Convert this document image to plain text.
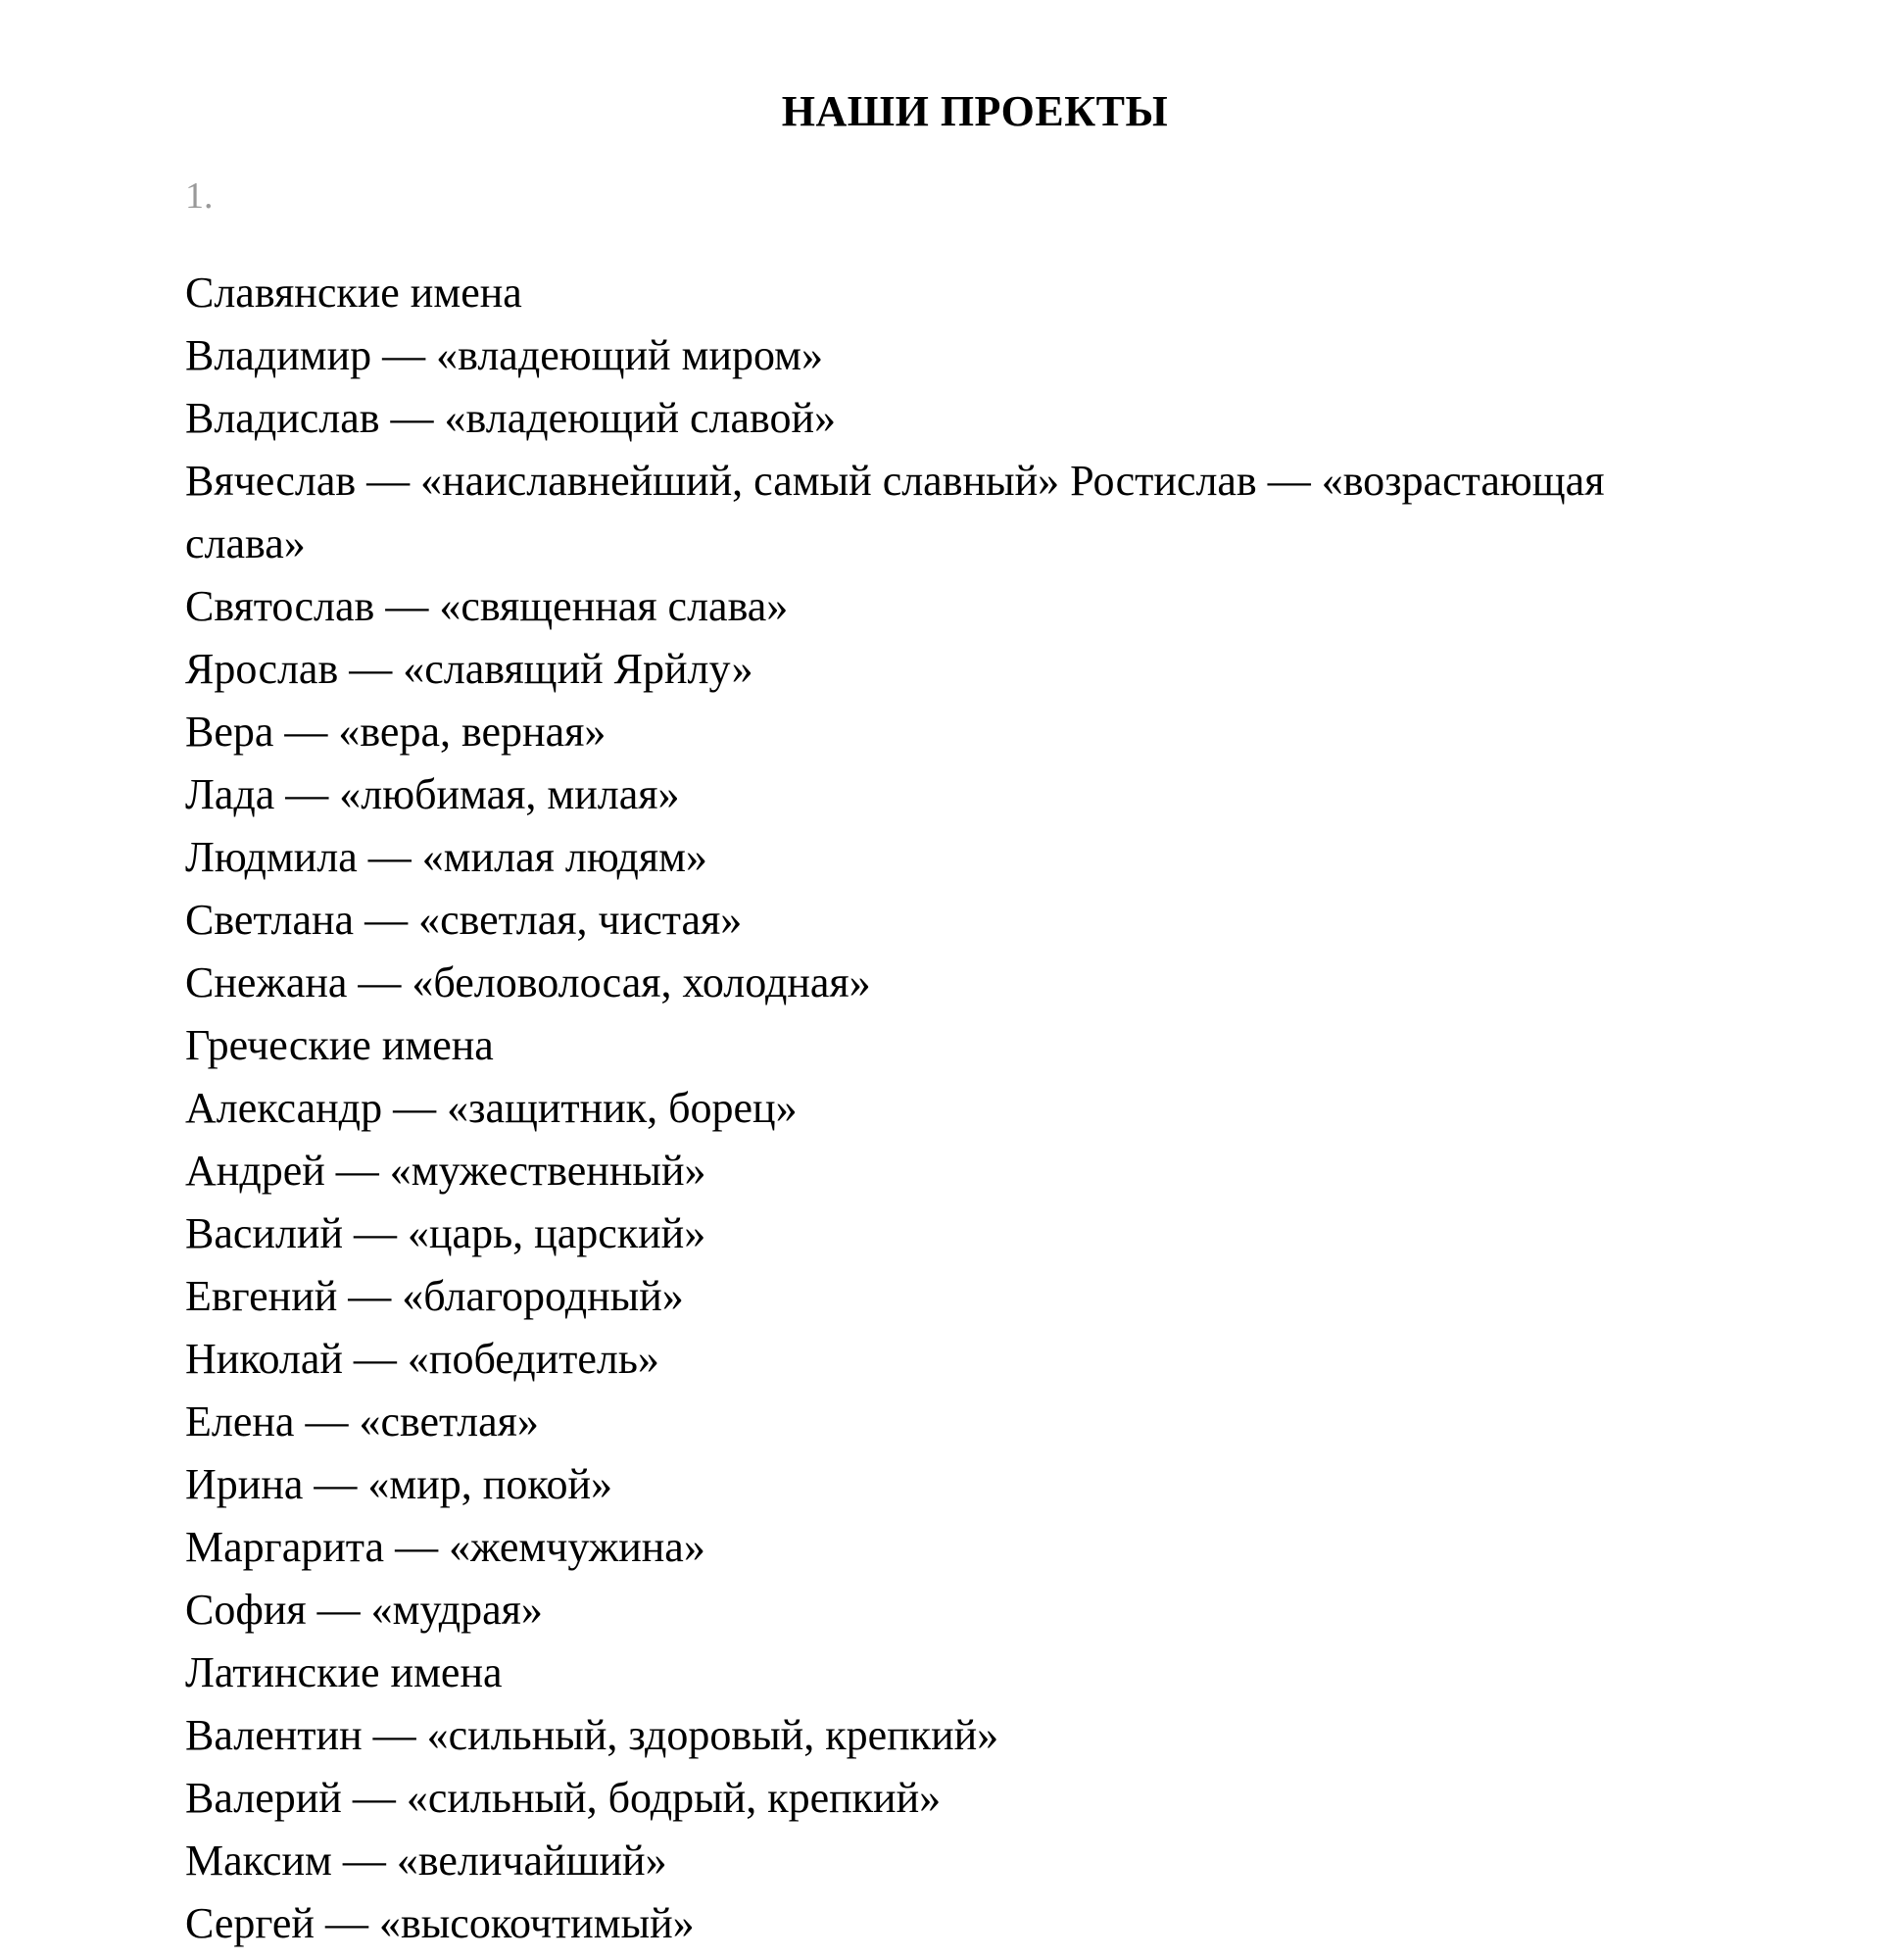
НАШИ ПРОЕКТЫ
1.
Славянские имена
Владимир — «владеющий миром»
Владислав — «владеющий славой»
Вячеслав — «наиславнейший, самый славный» Ростислав — «возрастающая
слава»
Святослав — «священная слава»
Ярослав — «славящий Ярйлу»
Вера — «вера, верная»
Лада — «любимая, милая»
Людмила — «милая людям»
Светлана — «светлая, чистая»
Снежана — «беловолосая, холодная»
Греческие имена
Александр — «защитник, борец»
Андрей — «мужественный»
Василий — «царь, царский»
Евгений — «благородный»
Николай — «победитель»
Елена — «светлая»
Ирина — «мир, покой»
Маргарита — «жемчужина»
София — «мудрая»
Латинские имена
Валентин — «сильный, здоровый, крепкий»
Валерий — «сильный, бодрый, крепкий»
Максим — «величайший»
Сергей — «высокочтимый»
